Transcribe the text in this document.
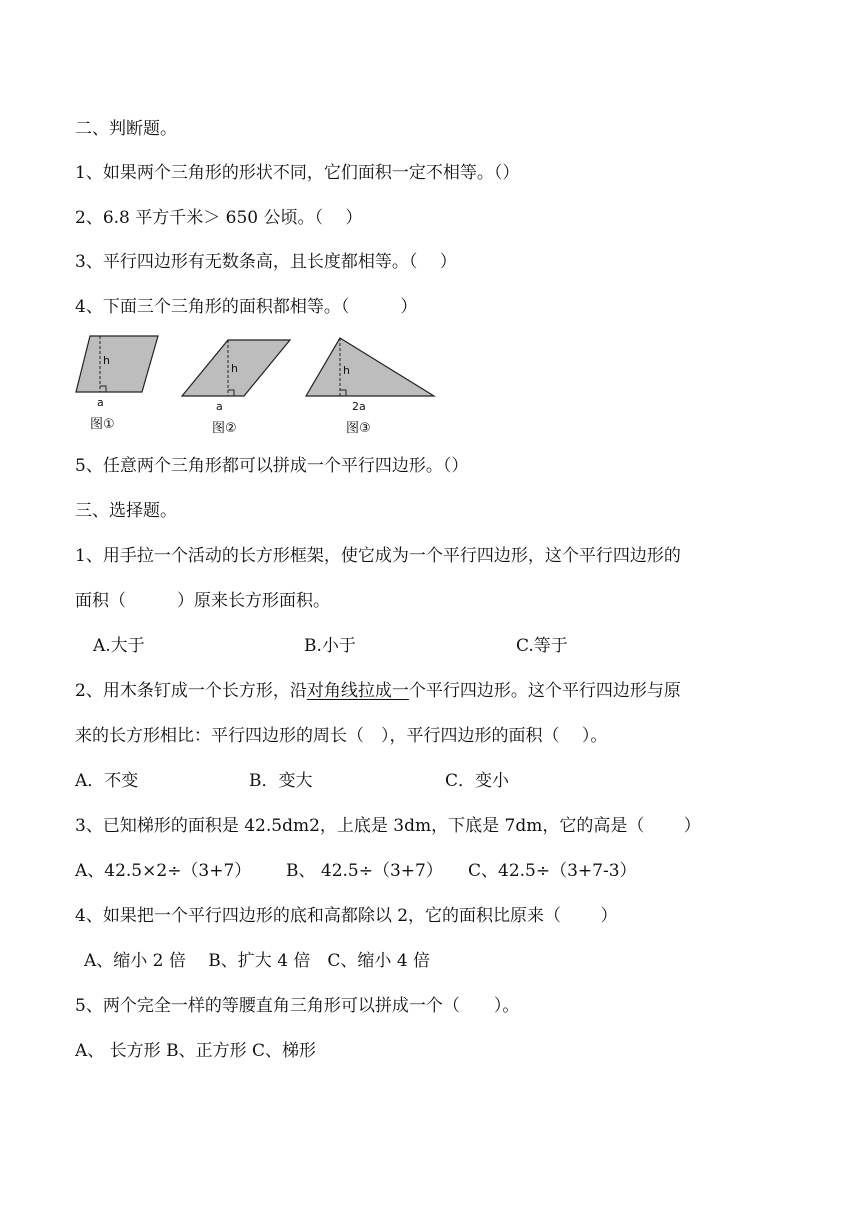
二、判断题。
1、如果两个三角形的形状不同，它们面积一定不相等。（）
2、6.8 平方千米＞ 650 公顷。（　 ）
3、平行四边形有无数条高，且长度都相等。（　 ）
4、下面三个三角形的面积都相等。（　　　）
h
a
图①
h
a
图②
h
2a
图③
5、任意两个三角形都可以拼成一个平行四边形。（）
三、选择题。
1、用手拉一个活动的长方形框架，使它成为一个平行四边形，这个平行四边形的
面积（　　　）原来长方形面积。
A.大于	B.小于	C.等于
2、用木条钉成一个长方形，沿对角线拉成一个平行四边形。这个平行四边形与原
来的长方形相比：平行四边形的周长（　），平行四边形的面积（　 ）。
A．不变	B．变大	C．变小
3、已知梯形的面积是 42.5dm2，上底是 3dm，下底是 7dm，它的高是（　　 ）
A、42.5×2÷（3+7） B、 42.5÷（3+7） C、42.5÷（3+7-3）
4、如果把一个平行四边形的底和高都除以 2，它的面积比原来（　　 ）
A、缩小 2 倍　 B、扩大 4 倍　C、缩小 4 倍
5、两个完全一样的等腰直角三角形可以拼成一个（　　）。
A、 长方形 B、正方形 C、梯形
